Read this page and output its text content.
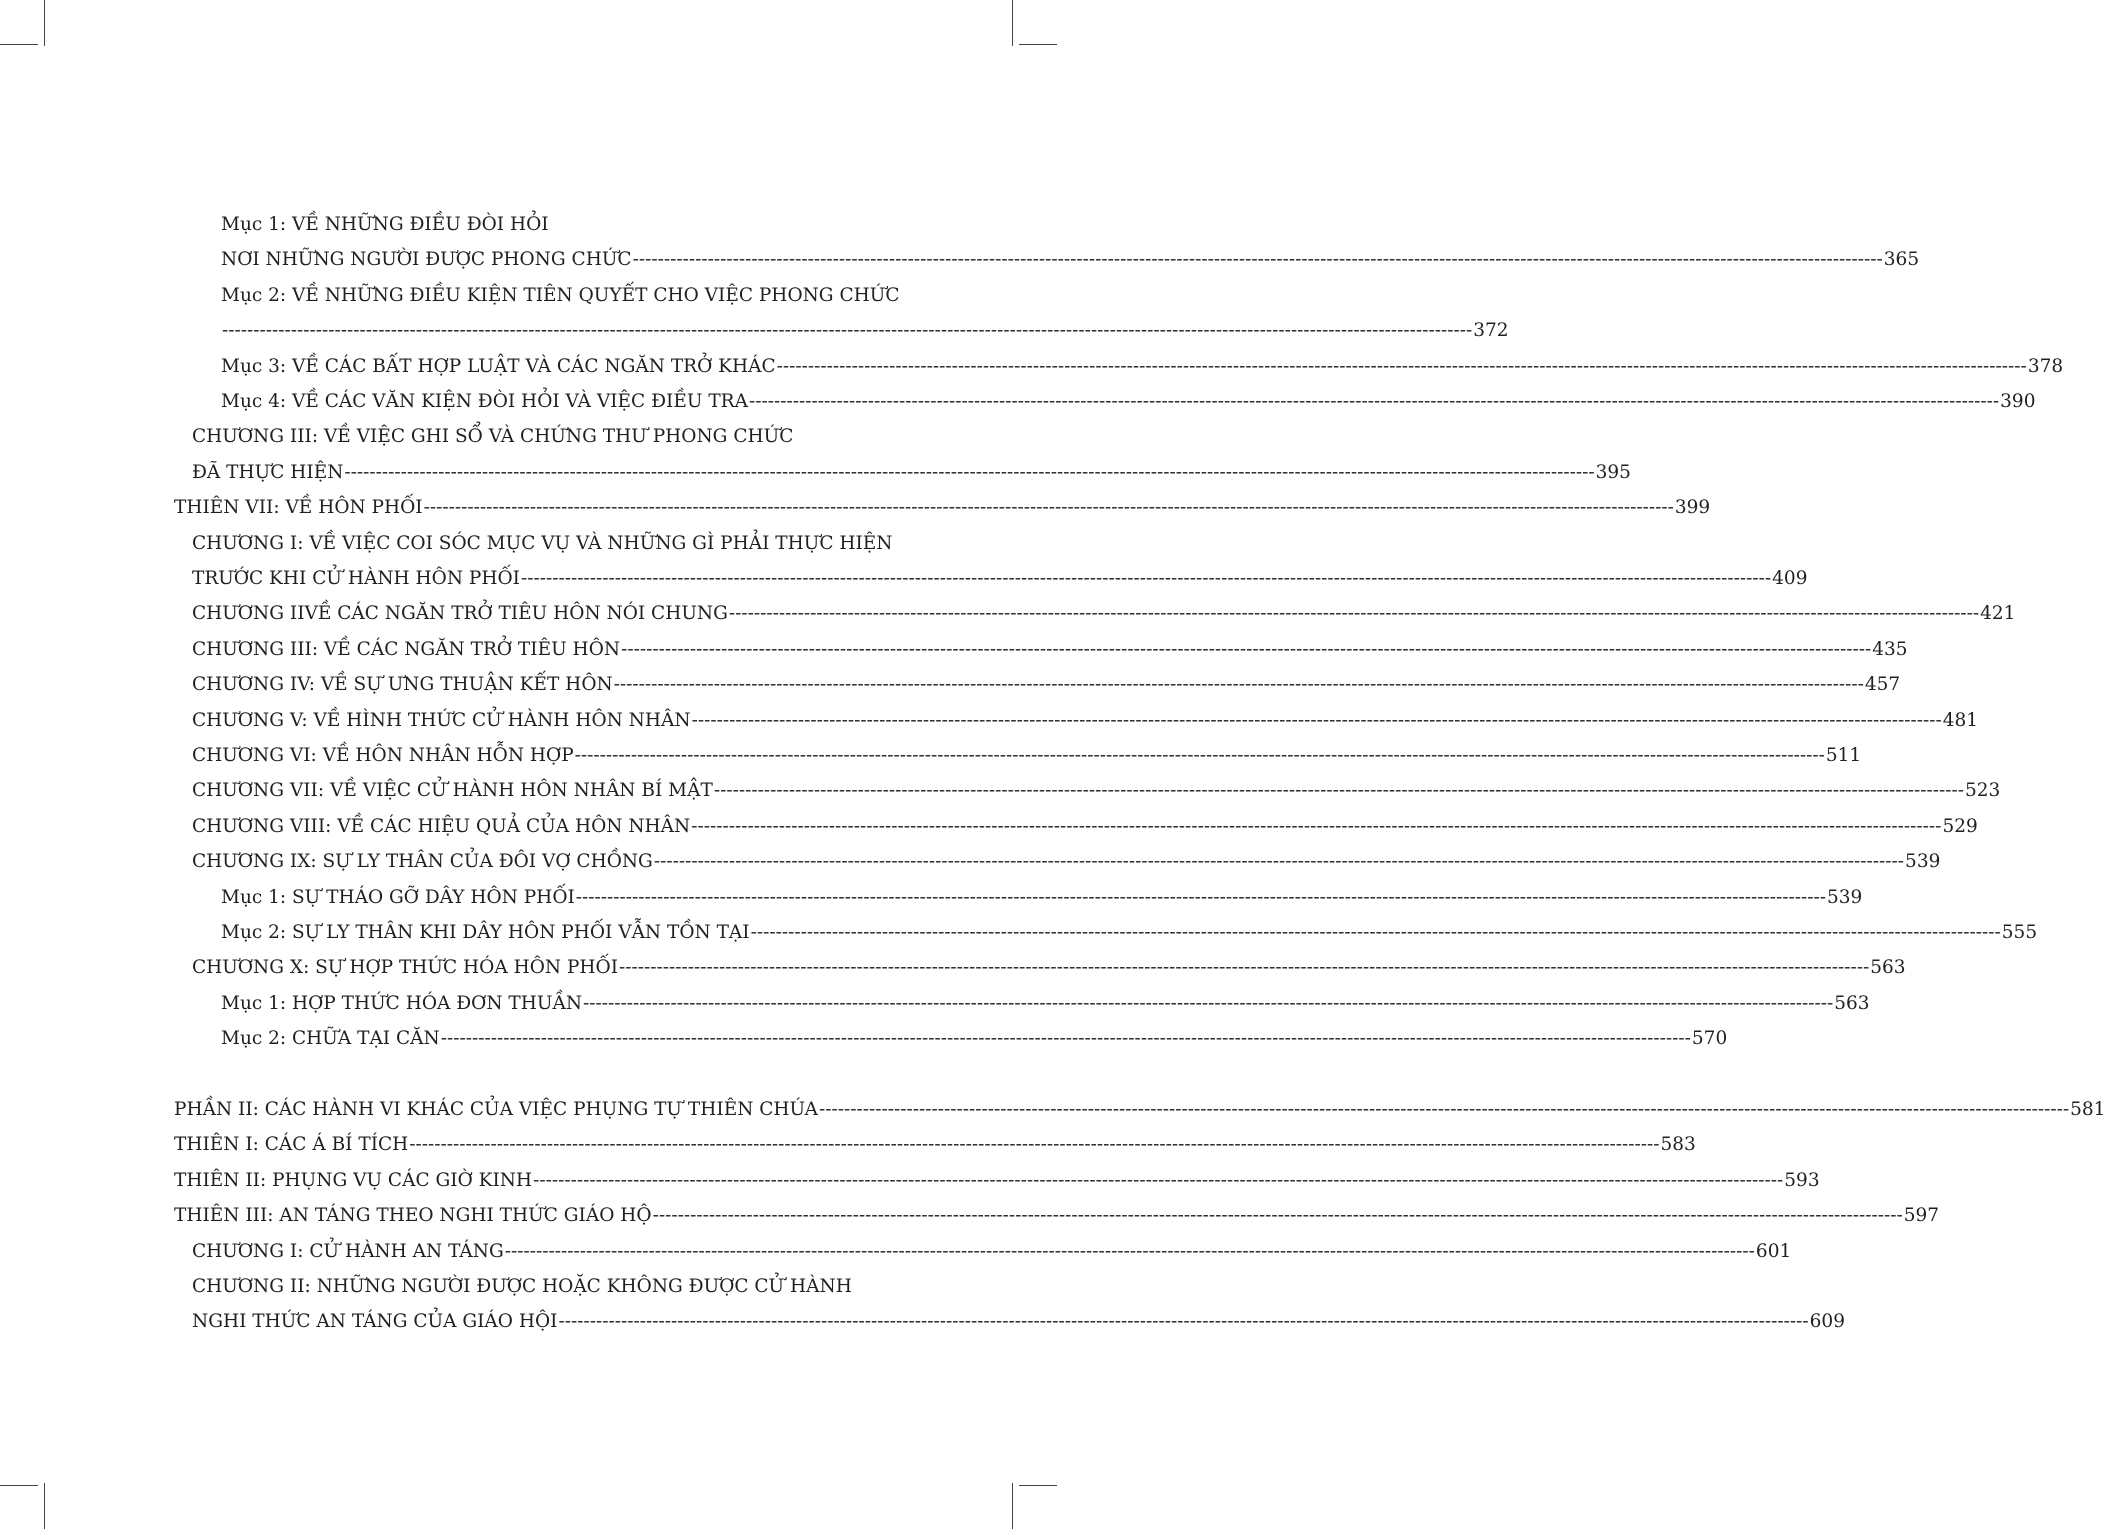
Mục 1: VỀ NHỮNG ĐIỀU ĐÒI HỎI
NƠI NHỮNG NGƯỜI ĐƯỢC PHONG CHỨC -------------------------------------------------------------------------------------------------------------------------------------------------------------------------------------------------------- 365
Mục 2: VỀ NHỮNG ĐIỀU KIỆN TIÊN QUYẾT CHO VIỆC PHONG CHỨC
-------------------------------------------------------------------------------------------------------------------------------------------------------------------------------------------------------- 372
Mục 3: VỀ CÁC BẤT HỢP LUẬT VÀ CÁC NGĂN TRỞ KHÁC -------------------------------------------------------------------------------------------------------------------------------------------------------------------------------------------------------- 378
Mục 4: VỀ CÁC VĂN KIỆN ĐÒI HỎI VÀ VIỆC ĐIỀU TRA -------------------------------------------------------------------------------------------------------------------------------------------------------------------------------------------------------- 390
CHƯƠNG III: VỀ VIỆC GHI SỔ VÀ CHỨNG THƯ PHONG CHỨC
ĐÃ THỰC HIỆN -------------------------------------------------------------------------------------------------------------------------------------------------------------------------------------------------------- 395
THIÊN VII: VỀ HÔN PHỐI -------------------------------------------------------------------------------------------------------------------------------------------------------------------------------------------------------- 399
CHƯƠNG I: VỀ VIỆC COI SÓC MỤC VỤ VÀ NHỮNG GÌ PHẢI THỰC HIỆN
TRƯỚC KHI CỬ HÀNH HÔN PHỐI -------------------------------------------------------------------------------------------------------------------------------------------------------------------------------------------------------- 409
CHƯƠNG IIVỀ CÁC NGĂN TRỞ TIÊU HÔN NÓI CHUNG -------------------------------------------------------------------------------------------------------------------------------------------------------------------------------------------------------- 421
CHƯƠNG III: VỀ CÁC NGĂN TRỞ TIÊU HÔN -------------------------------------------------------------------------------------------------------------------------------------------------------------------------------------------------------- 435
CHƯƠNG IV: VỀ SỰ ƯNG THUẬN KẾT HÔN -------------------------------------------------------------------------------------------------------------------------------------------------------------------------------------------------------- 457
CHƯƠNG V: VỀ HÌNH THỨC CỬ HÀNH HÔN NHÂN -------------------------------------------------------------------------------------------------------------------------------------------------------------------------------------------------------- 481
CHƯƠNG VI: VỀ HÔN NHÂN HỖN HỢP -------------------------------------------------------------------------------------------------------------------------------------------------------------------------------------------------------- 511
CHƯƠNG VII: VỀ VIỆC CỬ HÀNH HÔN NHÂN BÍ MẬT -------------------------------------------------------------------------------------------------------------------------------------------------------------------------------------------------------- 523
CHƯƠNG VIII: VỀ CÁC HIỆU QUẢ CỦA HÔN NHÂN -------------------------------------------------------------------------------------------------------------------------------------------------------------------------------------------------------- 529
CHƯƠNG IX: SỰ LY THÂN CỦA ĐÔI VỢ CHỒNG -------------------------------------------------------------------------------------------------------------------------------------------------------------------------------------------------------- 539
Mục 1: SỰ THÁO GỠ DÂY HÔN PHỐI -------------------------------------------------------------------------------------------------------------------------------------------------------------------------------------------------------- 539
Mục 2: SỰ LY THÂN KHI DÂY HÔN PHỐI VẪN TỒN TẠI -------------------------------------------------------------------------------------------------------------------------------------------------------------------------------------------------------- 555
CHƯƠNG X: SỰ HỢP THỨC HÓA HÔN PHỐI -------------------------------------------------------------------------------------------------------------------------------------------------------------------------------------------------------- 563
Mục 1: HỢP THỨC HÓA ĐƠN THUẦN -------------------------------------------------------------------------------------------------------------------------------------------------------------------------------------------------------- 563
Mục 2: CHỮA TẠI CĂN -------------------------------------------------------------------------------------------------------------------------------------------------------------------------------------------------------- 570
PHẦN II: CÁC HÀNH VI KHÁC CỦA VIỆC PHỤNG TỰ THIÊN CHÚA -------------------------------------------------------------------------------------------------------------------------------------------------------------------------------------------------------- 581
THIÊN I: CÁC Á BÍ TÍCH -------------------------------------------------------------------------------------------------------------------------------------------------------------------------------------------------------- 583
THIÊN II: PHỤNG VỤ CÁC GIỜ KINH -------------------------------------------------------------------------------------------------------------------------------------------------------------------------------------------------------- 593
THIÊN III: AN TÁNG THEO NGHI THỨC GIÁO HỘ -------------------------------------------------------------------------------------------------------------------------------------------------------------------------------------------------------- 597
CHƯƠNG I: CỬ HÀNH AN TÁNG -------------------------------------------------------------------------------------------------------------------------------------------------------------------------------------------------------- 601
CHƯƠNG II: NHỮNG NGƯỜI ĐƯỢC HOẶC KHÔNG ĐƯỢC CỬ HÀNH
NGHI THỨC AN TÁNG CỦA GIÁO HỘI -------------------------------------------------------------------------------------------------------------------------------------------------------------------------------------------------------- 609
